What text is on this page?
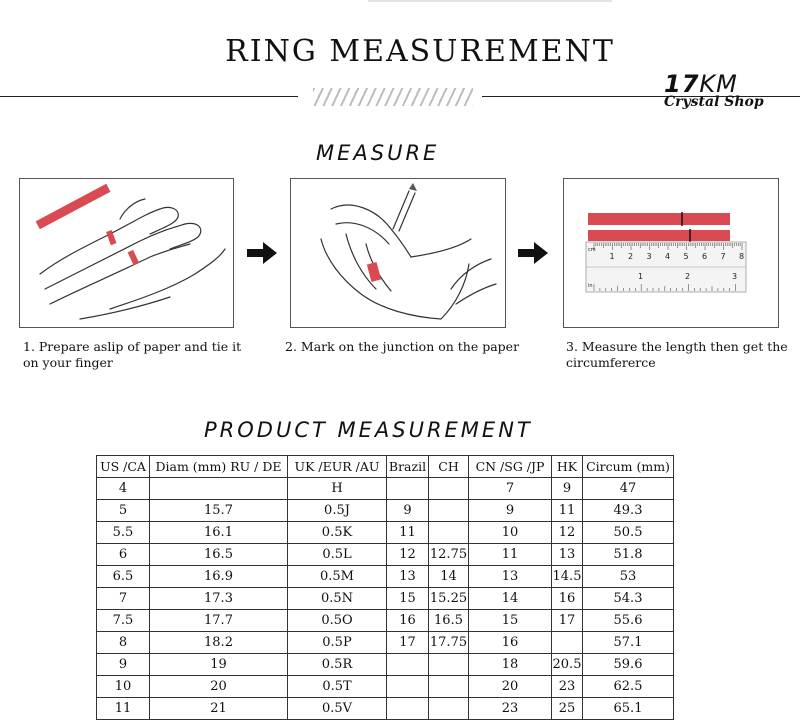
RING MEASUREMENT
17KM
Crystal Shop
MEASURE
1 2 3 4 5 6 7 8
1	2	3
cm
in
1. Prepare aslip of paper and tie it on your finger
2. Mark on the junction on the paper	3. Measure the length then get the circumfererce
PRODUCT MEASUREMENT
US /CA	Diam (mm) RU / DE	UK /EUR /AU	Brazil	CH	CN /SG /JP	HK	Circum (mm)
4		H			7	9	47
5	15.7	0.5J	9		9	11	49.3
5.5	16.1	0.5K	11		10	12	50.5
6	16.5	0.5L	12	12.75	11	13	51.8
6.5	16.9	0.5M	13	14	13	14.5	53
7	17.3	0.5N	15	15.25	14	16	54.3
7.5	17.7	0.5O	16	16.5	15	17	55.6
8	18.2	0.5P	17	17.75	16		57.1
9	19	0.5R			18	20.5	59.6
10	20	0.5T			20	23	62.5
11	21	0.5V			23	25	65.1
